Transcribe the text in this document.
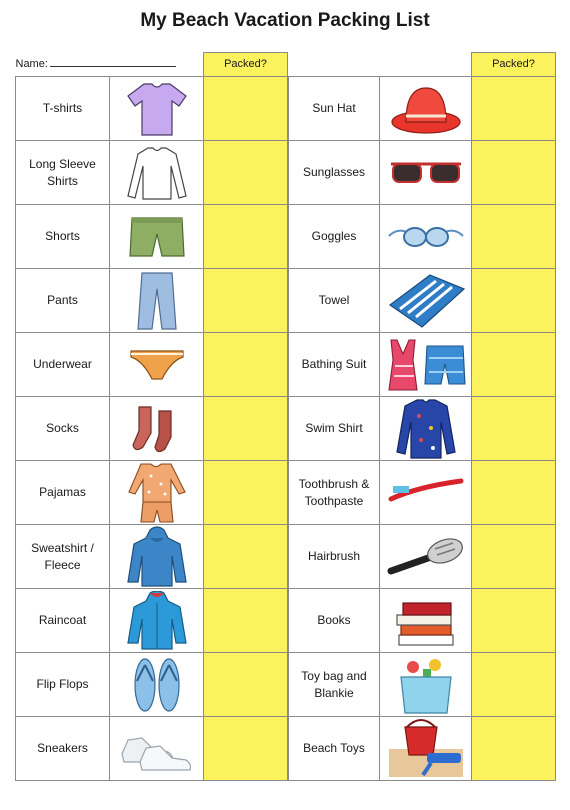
My Beach Vacation Packing List
Name:		Packed?			Packed?

T-shirts				Sun Hat

Long Sleeve Shirts				Sunglasses

Shorts				Goggles

Pants				Towel

Underwear				Bathing Suit

Socks				Swim Shirt

Pajamas				Toothbrush & Toothpaste

Sweatshirt / Fleece				Hairbrush

Raincoat				Books

Flip Flops				Toy bag and Blankie

Sneakers				Beach Toys
